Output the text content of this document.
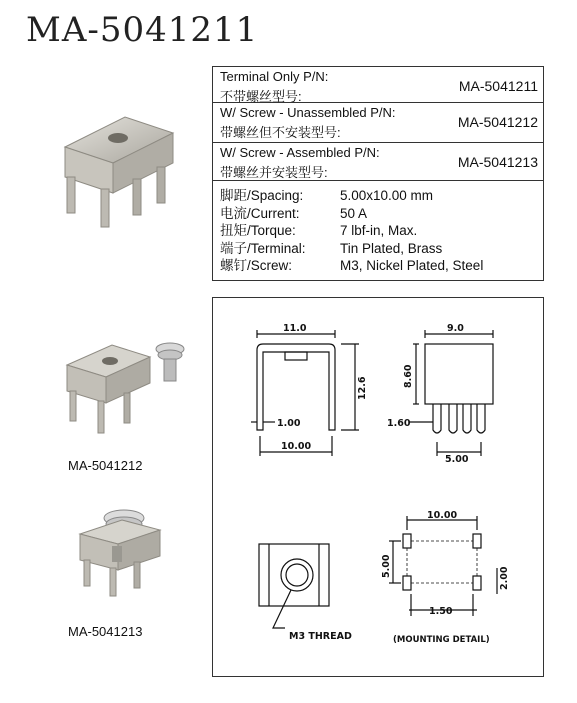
MA-5041211
Terminal Only P/N:
不带螺丝型号:
MA-5041211
W/ Screw - Unassembled P/N:
带螺丝但不安装型号:
MA-5041212
W/ Screw - Assembled P/N:
带螺丝并安装型号:
MA-5041213
脚距/Spacing:	5.00x10.00 mm
电流/Current:	50 A
扭矩/Torque:	7 lbf-in, Max.
端子/Terminal:	Tin Plated, Brass
螺钉/Screw:	M3, Nickel Plated, Steel
MA-5041212
MA-5041213
11.0
12.6
1.00
10.00
9.0
8.60
1.60
5.00
10.00
5.00
2.00
1.50
M3 THREAD	(MOUNTING DETAIL)
